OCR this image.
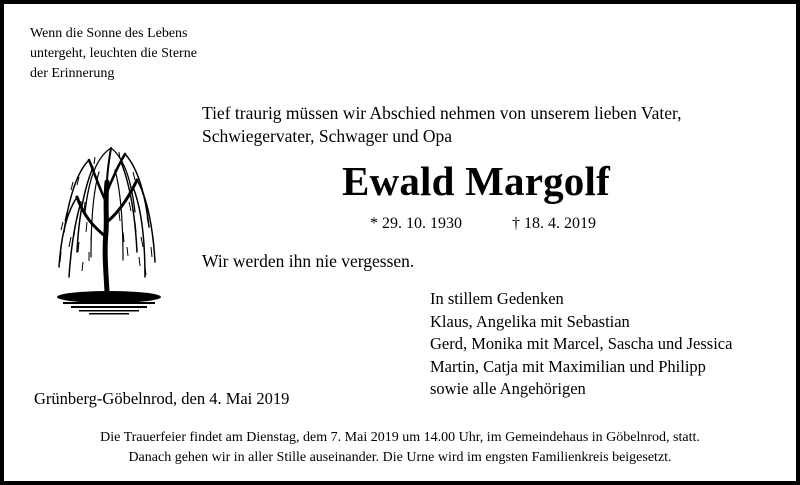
Wenn die Sonne des Lebens
untergeht, leuchten die Sterne
der Erinnerung
Tief traurig müssen wir Abschied nehmen von unserem lieben Vater,
Schwiegervater, Schwager und Opa
Ewald Margolf
* 29. 10. 1930	† 18. 4. 2019
Wir werden ihn nie vergessen.
In stillem Gedenken
Klaus, Angelika mit Sebastian
Gerd, Monika mit Marcel, Sascha und Jessica
Martin, Catja mit Maximilian und Philipp
sowie alle Angehörigen
Grünberg-Göbelnrod, den 4. Mai 2019
Die Trauerfeier findet am Dienstag, dem 7. Mai 2019 um 14.00 Uhr, im Gemeindehaus in Göbelnrod, statt.
Danach gehen wir in aller Stille auseinander. Die Urne wird im engsten Familienkreis beigesetzt.
